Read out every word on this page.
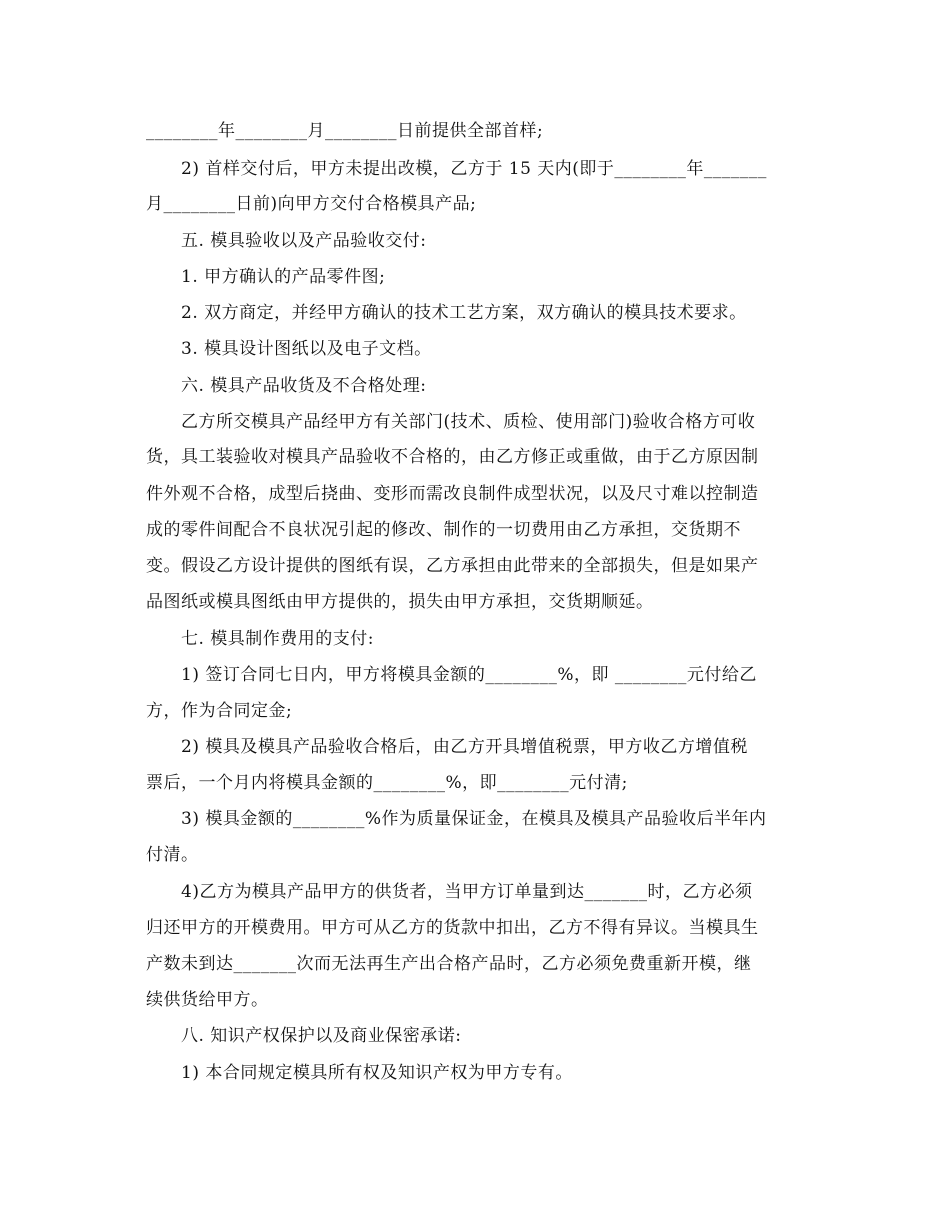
________年________月________日前提供全部首样;
2) 首样交付后，甲方未提出改模，乙方于 15 天内(即于________年_______
月________日前)向甲方交付合格模具产品;
五. 模具验收以及产品验收交付:
1. 甲方确认的产品零件图;
2. 双方商定，并经甲方确认的技术工艺方案，双方确认的模具技术要求。
3. 模具设计图纸以及电子文档。
六. 模具产品收货及不合格处理:
乙方所交模具产品经甲方有关部门(技术、质检、使用部门)验收合格方可收
货，具工装验收对模具产品验收不合格的，由乙方修正或重做，由于乙方原因制
件外观不合格，成型后挠曲、变形而需改良制件成型状况，以及尺寸难以控制造
成的零件间配合不良状况引起的修改、制作的一切费用由乙方承担，交货期不
变。假设乙方设计提供的图纸有误，乙方承担由此带来的全部损失，但是如果产
品图纸或模具图纸由甲方提供的，损失由甲方承担，交货期顺延。
七. 模具制作费用的支付:
1) 签订合同七日内，甲方将模具金额的________%，即 ________元付给乙
方，作为合同定金;
2) 模具及模具产品验收合格后，由乙方开具增值税票，甲方收乙方增值税
票后，一个月内将模具金额的________%，即________元付清;
3) 模具金额的________%作为质量保证金，在模具及模具产品验收后半年内
付清。
4)乙方为模具产品甲方的供货者，当甲方订单量到达_______时，乙方必须
归还甲方的开模费用。甲方可从乙方的货款中扣出，乙方不得有异议。当模具生
产数未到达_______次而无法再生产出合格产品时，乙方必须免费重新开模，继
续供货给甲方。
八. 知识产权保护以及商业保密承诺:
1) 本合同规定模具所有权及知识产权为甲方专有。
